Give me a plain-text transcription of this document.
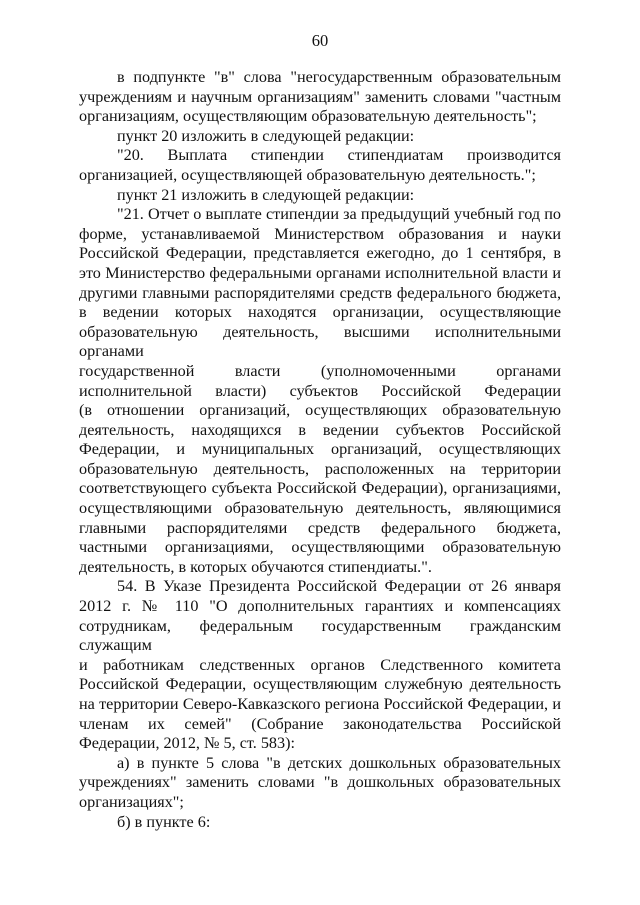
60
в подпункте "в" слова "негосударственным образовательным
учреждениям и научным организациям" заменить словами "частным
организациям, осуществляющим образовательную деятельность";
пункт 20 изложить в следующей редакции:
"20. Выплата стипендии стипендиатам производится
организацией, осуществляющей образовательную деятельность.";
пункт 21 изложить в следующей редакции:
"21. Отчет о выплате стипендии за предыдущий учебный год по
форме, устанавливаемой Министерством образования и науки
Российской Федерации, представляется ежегодно, до 1 сентября, в
это Министерство федеральными органами исполнительной власти и
другими главными распорядителями средств федерального бюджета,
в ведении которых находятся организации, осуществляющие
образовательную деятельность, высшими исполнительными органами
государственной власти (уполномоченными органами
исполнительной власти) субъектов Российской Федерации
(в отношении организаций, осуществляющих образовательную
деятельность, находящихся в ведении субъектов Российской
Федерации, и муниципальных организаций, осуществляющих
образовательную деятельность, расположенных на территории
соответствующего субъекта Российской Федерации), организациями,
осуществляющими образовательную деятельность, являющимися
главными распорядителями средств федерального бюджета,
частными организациями, осуществляющими образовательную
деятельность, в которых обучаются стипендиаты.".
54. В Указе Президента Российской Федерации от 26 января
2012 г. № 110 "О дополнительных гарантиях и компенсациях
сотрудникам, федеральным государственным гражданским служащим
и работникам следственных органов Следственного комитета
Российской Федерации, осуществляющим служебную деятельность
на территории Северо-Кавказского региона Российской Федерации, и
членам их семей" (Собрание законодательства Российской
Федерации, 2012, № 5, ст. 583):
а) в пункте 5 слова "в детских дошкольных образовательных
учреждениях" заменить словами "в дошкольных образовательных
организациях";
б) в пункте 6:
